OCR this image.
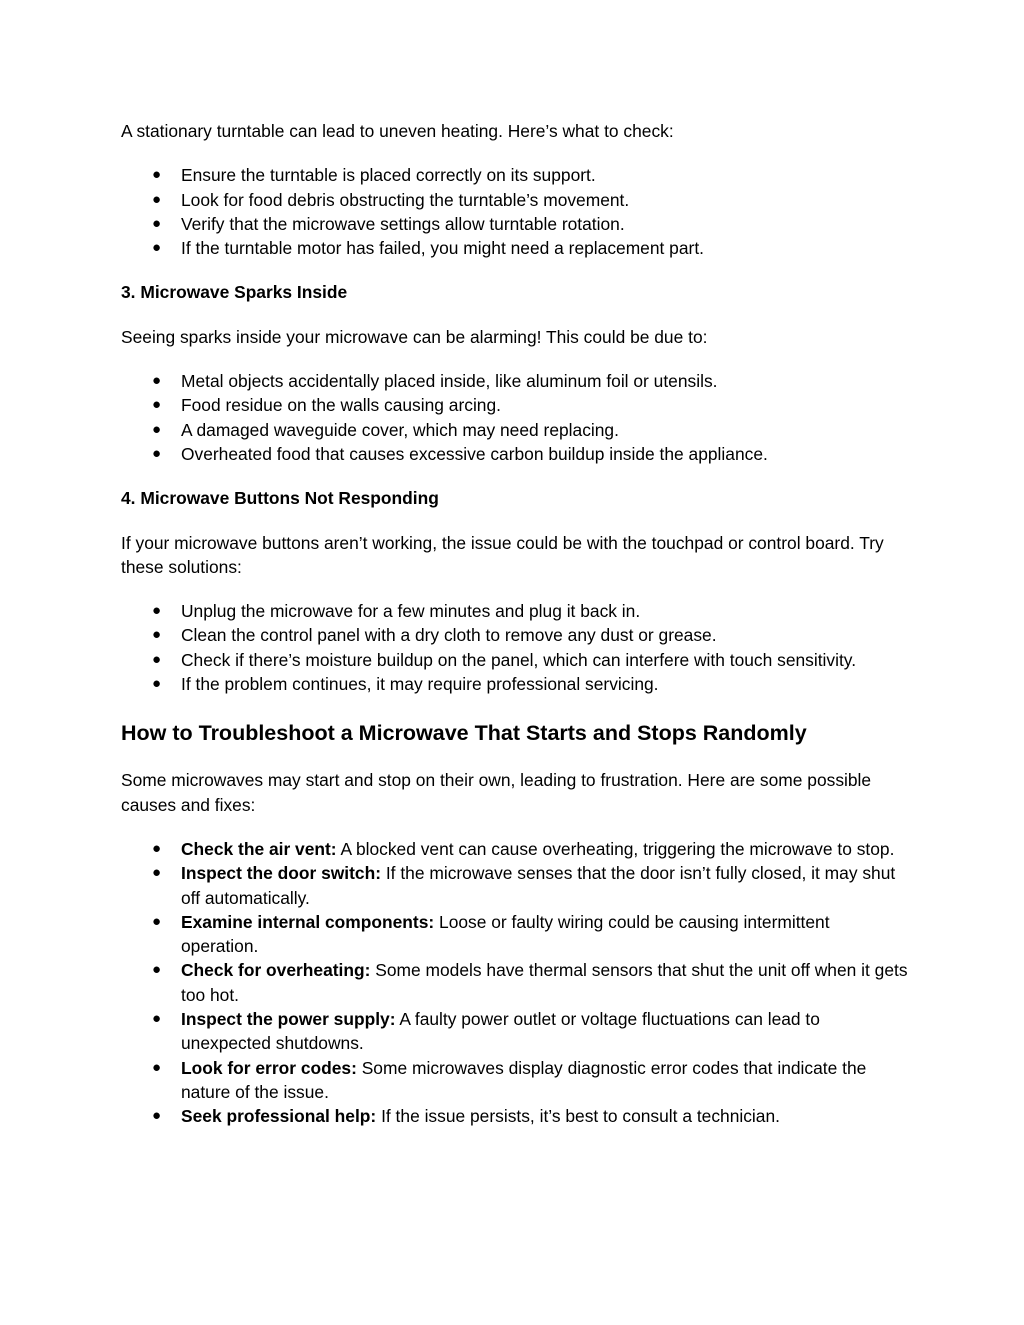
A stationary turntable can lead to uneven heating. Here’s what to check:

● Ensure the turntable is placed correctly on its support.
● Look for food debris obstructing the turntable’s movement.
● Verify that the microwave settings allow turntable rotation.
● If the turntable motor has failed, you might need a replacement part.
3. Microwave Sparks Inside

Seeing sparks inside your microwave can be alarming! This could be due to:

● Metal objects accidentally placed inside, like aluminum foil or utensils.
● Food residue on the walls causing arcing.
● A damaged waveguide cover, which may need replacing.
● Overheated food that causes excessive carbon buildup inside the appliance.
4. Microwave Buttons Not Responding

If your microwave buttons aren’t working, the issue could be with the touchpad or control board. Try these solutions:

● Unplug the microwave for a few minutes and plug it back in.
● Clean the control panel with a dry cloth to remove any dust or grease.
● Check if there’s moisture buildup on the panel, which can interfere with touch sensitivity.
● If the problem continues, it may require professional servicing.
How to Troubleshoot a Microwave That Starts and Stops Randomly

Some microwaves may start and stop on their own, leading to frustration. Here are some possible causes and fixes:

● Check the air vent: A blocked vent can cause overheating, triggering the microwave to stop.
● Inspect the door switch: If the microwave senses that the door isn’t fully closed, it may shut off automatically.
● Examine internal components: Loose or faulty wiring could be causing intermittent operation.
● Check for overheating: Some models have thermal sensors that shut the unit off when it gets too hot.
● Inspect the power supply: A faulty power outlet or voltage fluctuations can lead to unexpected shutdowns.
● Look for error codes: Some microwaves display diagnostic error codes that indicate the nature of the issue.
● Seek professional help: If the issue persists, it’s best to consult a technician.
